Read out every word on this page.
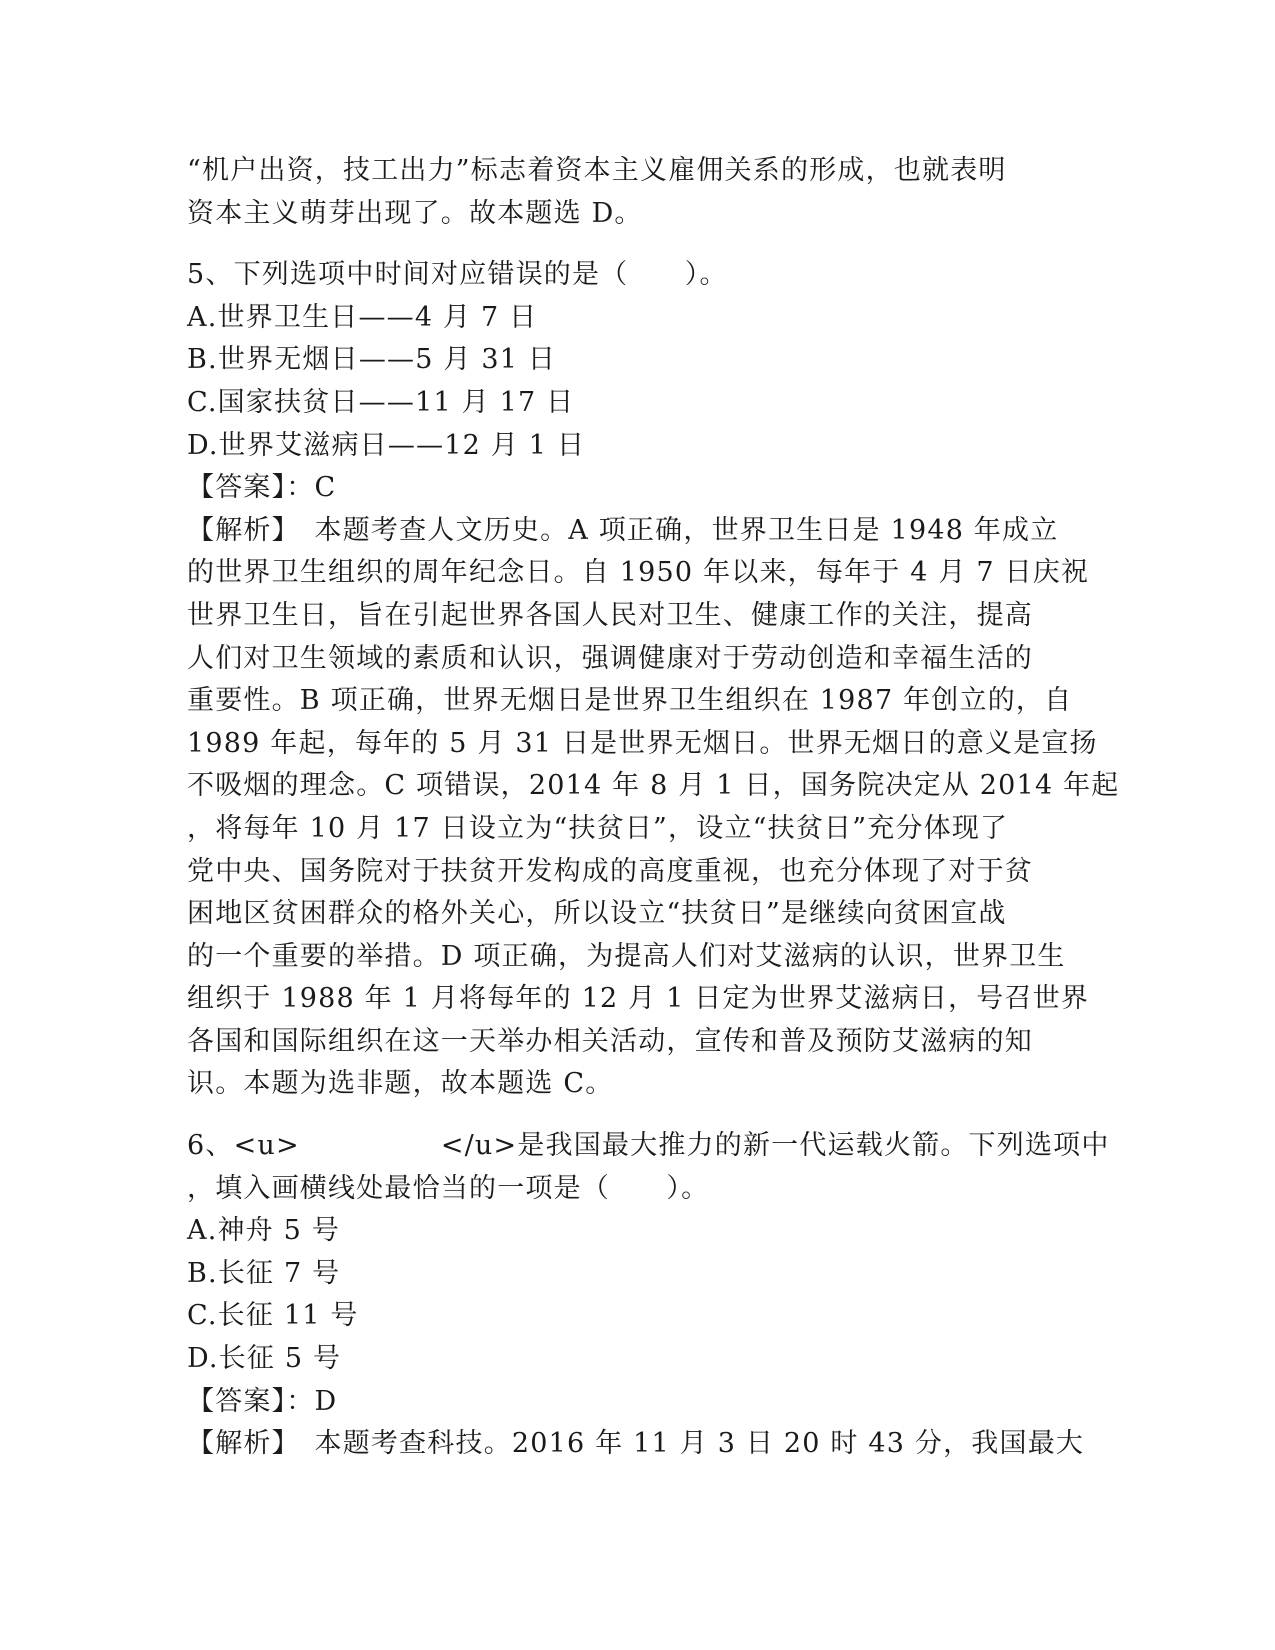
“机户出资，技工出力”标志着资本主义雇佣关系的形成，也就表明
资本主义萌芽出现了。故本题选 D。
5、下列选项中时间对应错误的是（　　）。
A.世界卫生日——4 月 7 日
B.世界无烟日——5 月 31 日
C.国家扶贫日——11 月 17 日
D.世界艾滋病日——12 月 1 日
【答案】：C
【解析】　本题考查人文历史。A 项正确，世界卫生日是 1948 年成立
的世界卫生组织的周年纪念日。自 1950 年以来，每年于 4 月 7 日庆祝
世界卫生日，旨在引起世界各国人民对卫生、健康工作的关注，提高
人们对卫生领域的素质和认识，强调健康对于劳动创造和幸福生活的
重要性。B 项正确，世界无烟日是世界卫生组织在 1987 年创立的，自
1989 年起，每年的 5 月 31 日是世界无烟日。世界无烟日的意义是宣扬
不吸烟的理念。C 项错误，2014 年 8 月 1 日，国务院决定从 2014 年起
，将每年 10 月 17 日设立为“扶贫日”，设立“扶贫日”充分体现了
党中央、国务院对于扶贫开发构成的高度重视，也充分体现了对于贫
困地区贫困群众的格外关心，所以设立“扶贫日”是继续向贫困宣战
的一个重要的举措。D 项正确，为提高人们对艾滋病的认识，世界卫生
组织于 1988 年 1 月将每年的 12 月 1 日定为世界艾滋病日，号召世界
各国和国际组织在这一天举办相关活动，宣传和普及预防艾滋病的知
识。本题为选非题，故本题选 C。
6、<u>　　　　　</u>是我国最大推力的新一代运载火箭。下列选项中
，填入画横线处最恰当的一项是（　　）。
A.神舟 5 号
B.长征 7 号
C.长征 11 号
D.长征 5 号
【答案】：D
【解析】　本题考查科技。2016 年 11 月 3 日 20 时 43 分，我国最大
